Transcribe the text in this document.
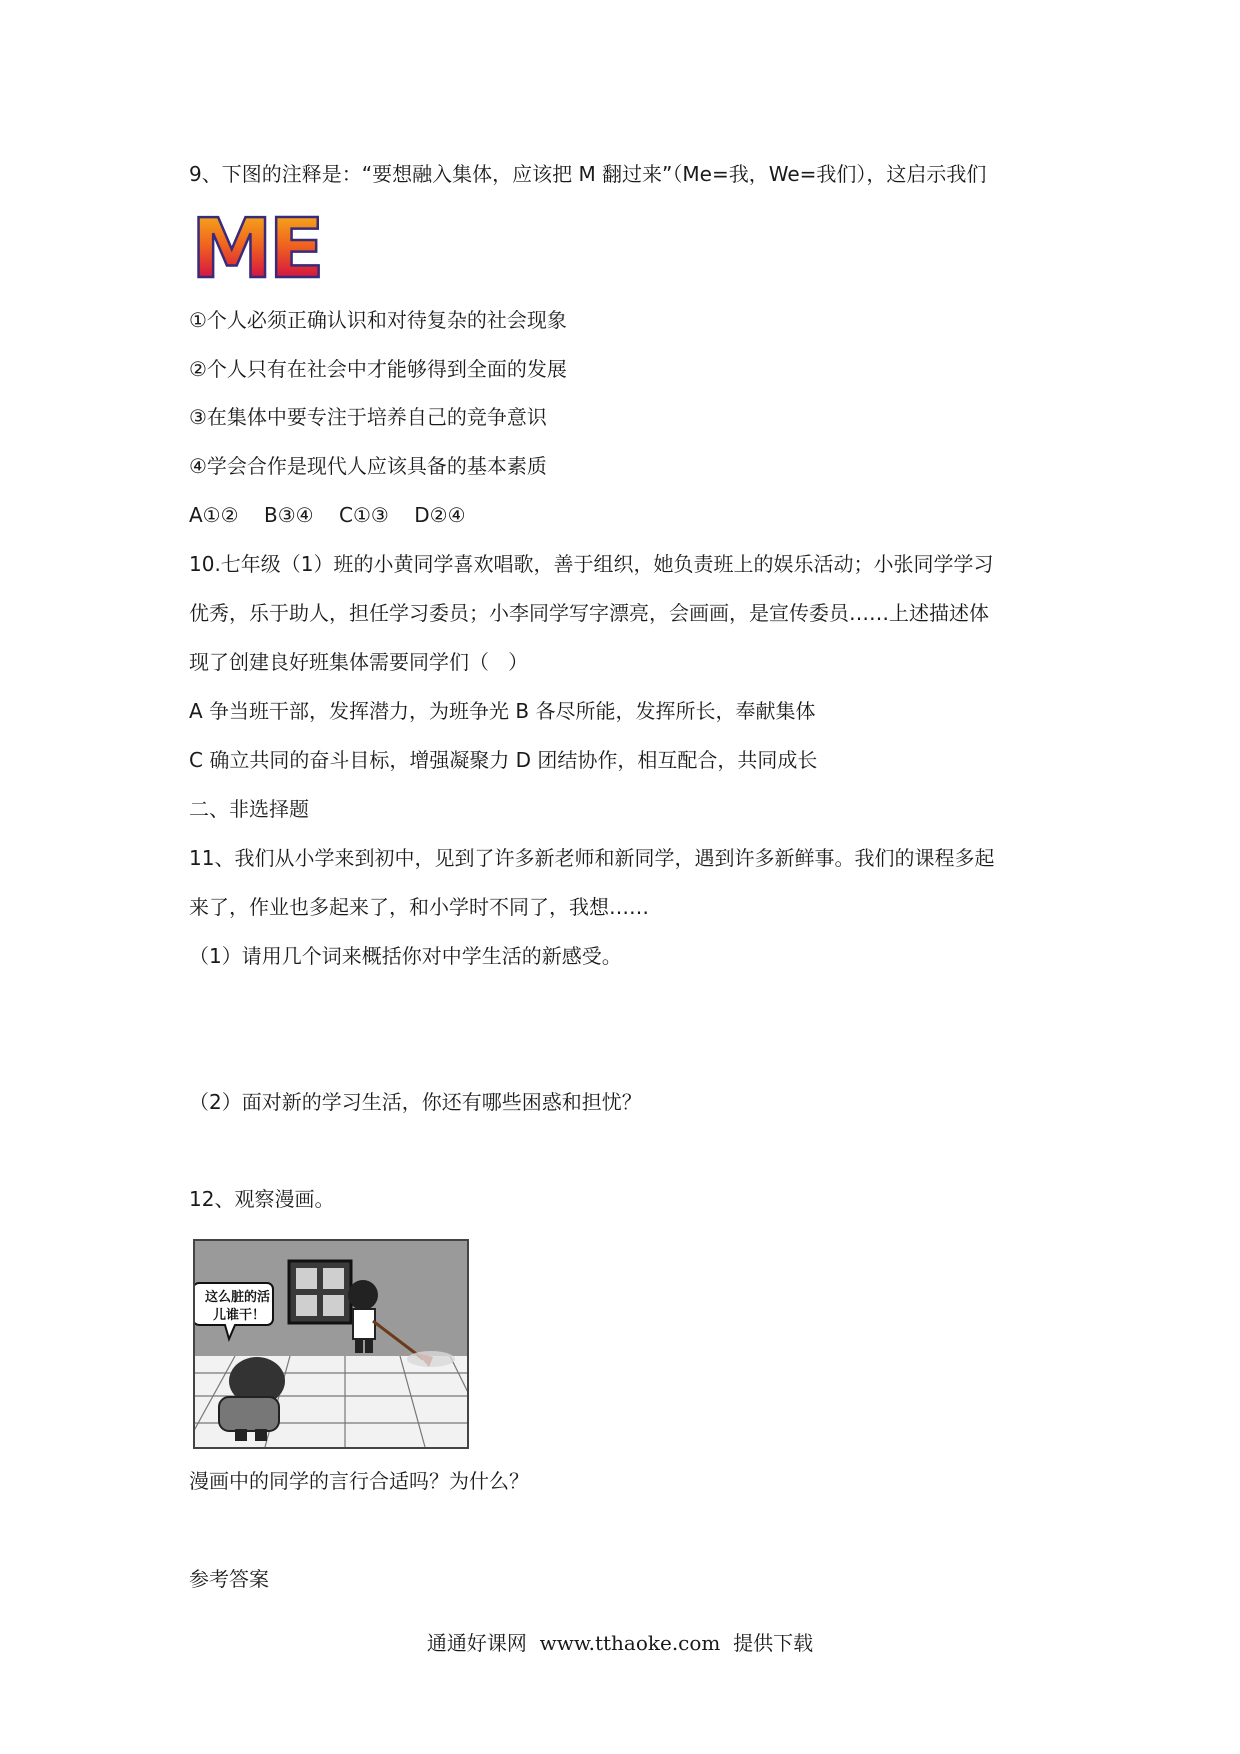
9、下图的注释是：“要想融入集体，应该把 M 翻过来”（Me=我，We=我们），这启示我们
ME
①个人必须正确认识和对待复杂的社会现象
②个人只有在社会中才能够得到全面的发展
③在集体中要专注于培养自己的竞争意识
④学会合作是现代人应该具备的基本素质
A①②    B③④    C①③    D②④
10.七年级（1）班的小黄同学喜欢唱歌，善于组织，她负责班上的娱乐活动；小张同学学习
优秀，乐于助人，担任学习委员；小李同学写字漂亮，会画画，是宣传委员……上述描述体
现了创建良好班集体需要同学们（   ）
A 争当班干部，发挥潜力，为班争光 B 各尽所能，发挥所长，奉献集体
C 确立共同的奋斗目标，增强凝聚力 D 团结协作，相互配合，共同成长
二、非选择题
11、我们从小学来到初中，见到了许多新老师和新同学，遇到许多新鲜事。我们的课程多起
来了，作业也多起来了，和小学时不同了，我想……
（1）请用几个词来概括你对中学生活的新感受。
（2）面对新的学习生活，你还有哪些困惑和担忧？
12、观察漫画。
这么脏的活
儿谁干！
漫画中的同学的言行合适吗？为什么？
参考答案
通通好课网  www.tthaoke.com  提供下载
